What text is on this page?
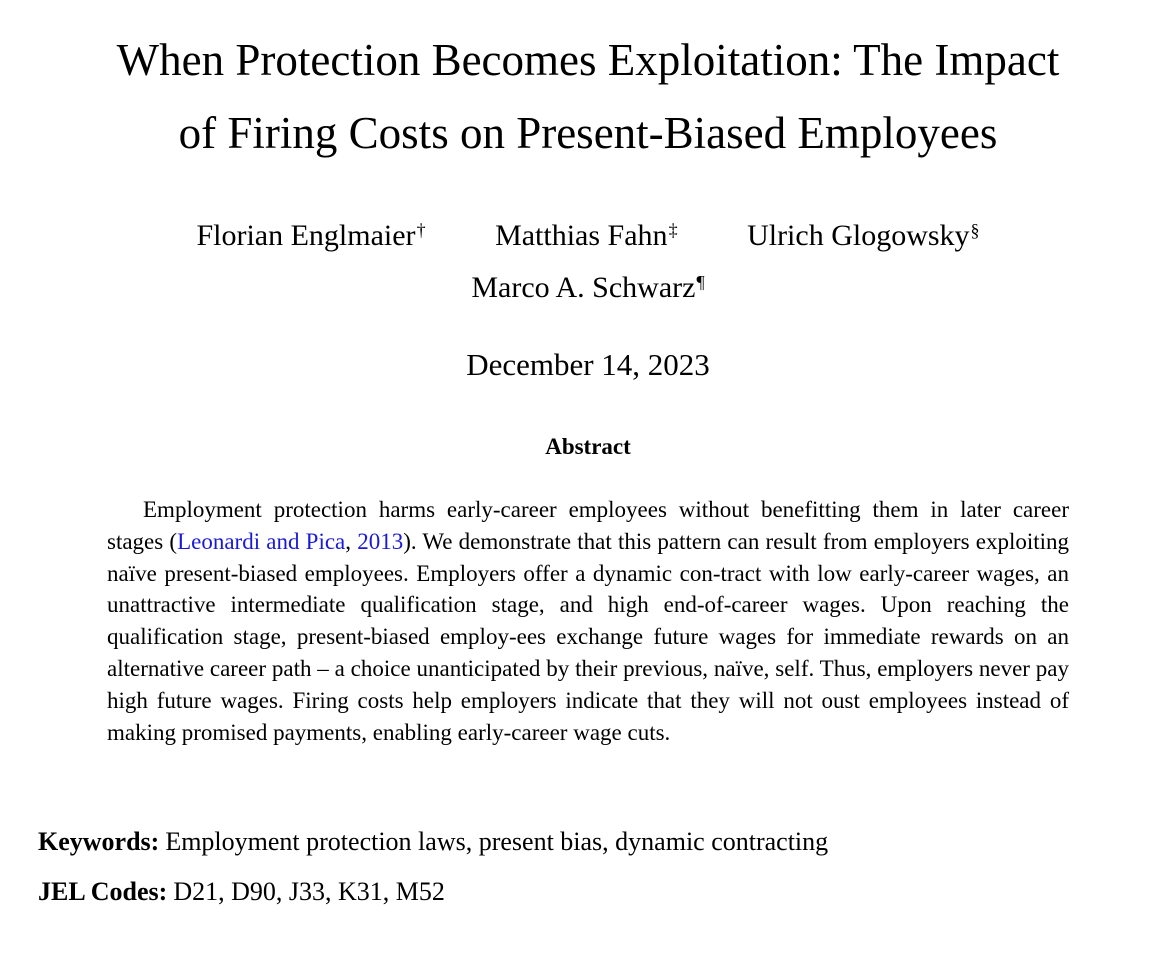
When Protection Becomes Exploitation: The Impact
of Firing Costs on Present-Biased Employees
Florian Englmaier† Matthias Fahn‡ Ulrich Glogowsky§
Marco A. Schwarz¶
December 14, 2023
Abstract

Employment protection harms early-career employees without benefitting them in later career stages (Leonardi and Pica, 2013). We demonstrate that this pattern can result from employers exploiting naïve present-biased employees. Employers offer a dynamic con-tract with low early-career wages, an unattractive intermediate qualification stage, and high end-of-career wages. Upon reaching the qualification stage, present-biased employ-ees exchange future wages for immediate rewards on an alternative career path – a choice unanticipated by their previous, naïve, self. Thus, employers never pay high future wages. Firing costs help employers indicate that they will not oust employees instead of making promised payments, enabling early-career wage cuts.

Keywords: Employment protection laws, present bias, dynamic contracting
JEL Codes: D21, D90, J33, K31, M52
